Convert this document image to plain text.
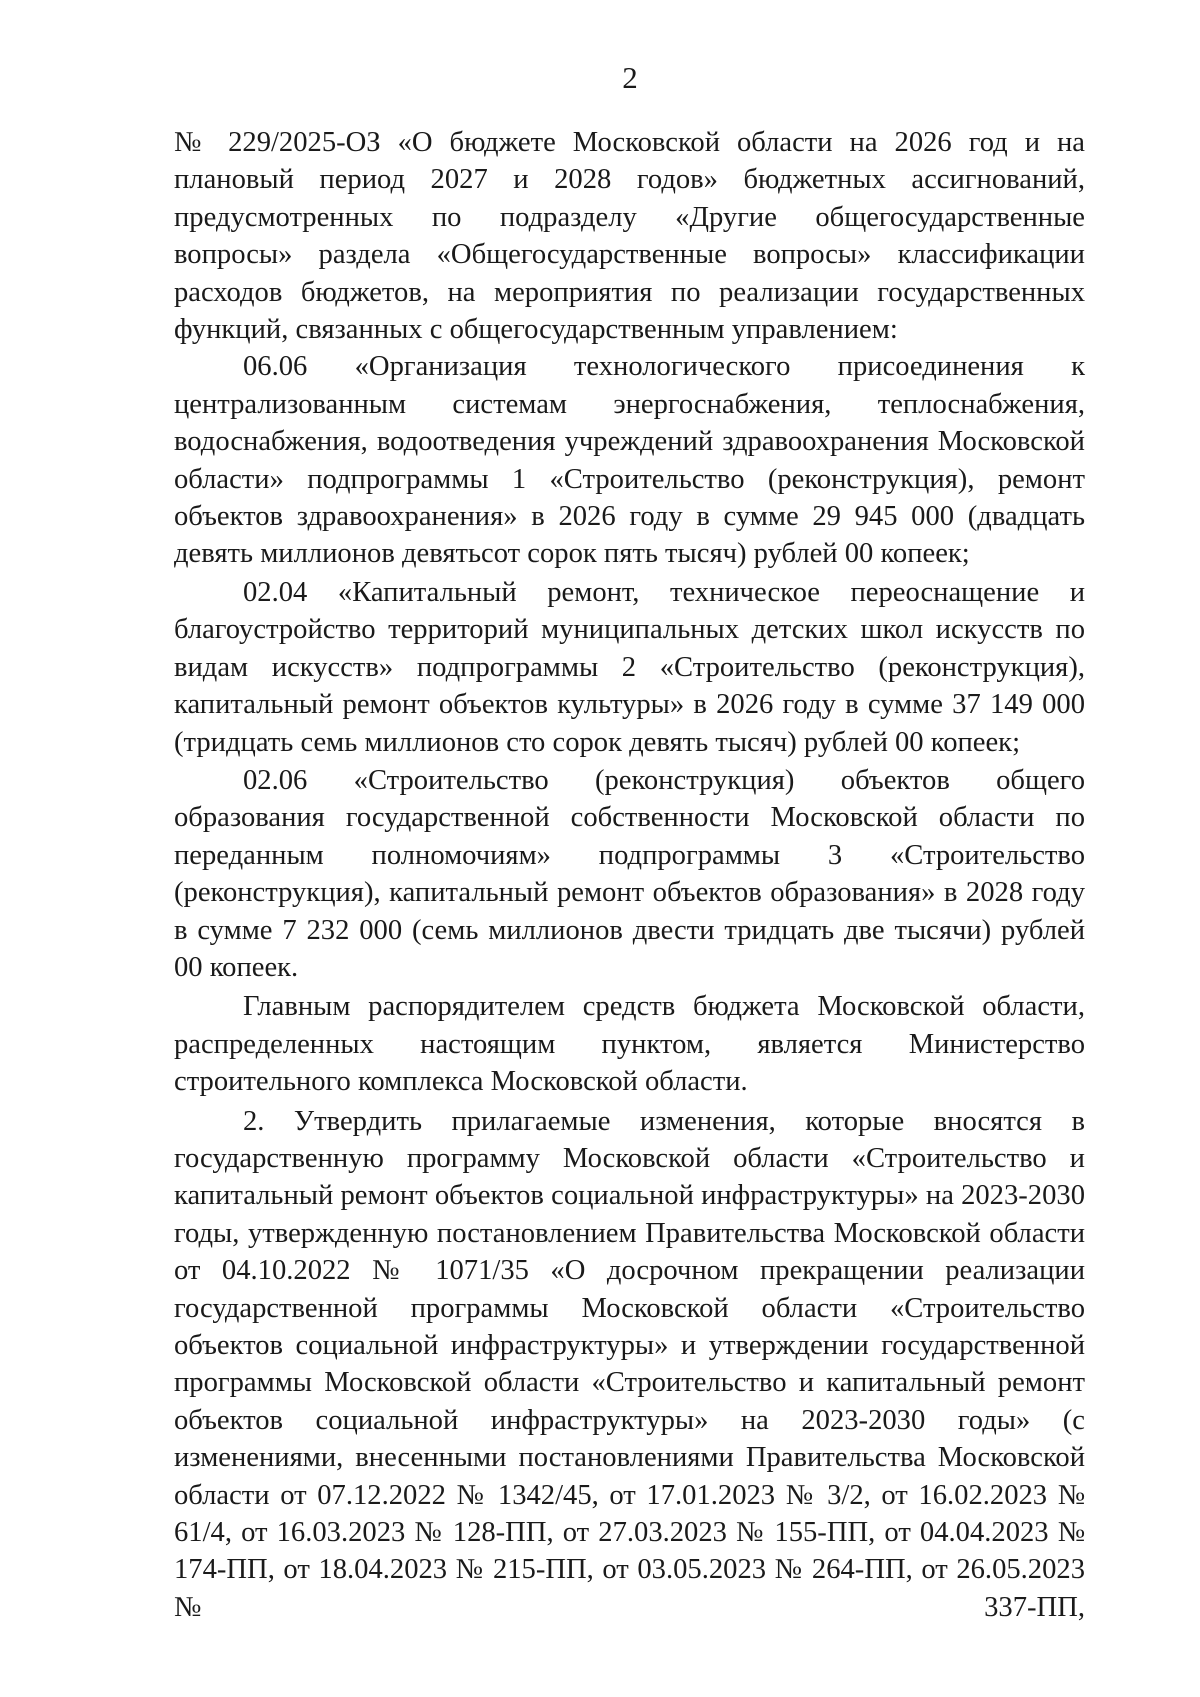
2

№ 229/2025-ОЗ «О бюджете Московской области на 2026 год и на плановый период 2027 и 2028 годов» бюджетных ассигнований, предусмотренных по подразделу «Другие общегосударственные вопросы» раздела «Общегосударственные вопросы» классификации расходов бюджетов, на мероприятия по реализации государственных функций, связанных с общегосударственным управлением:

06.06 «Организация технологического присоединения к централизованным системам энергоснабжения, теплоснабжения, водоснабжения, водоотведения учреждений здравоохранения Московской области» подпрограммы 1 «Строительство (реконструкция), ремонт объектов здравоохранения» в 2026 году в сумме 29 945 000 (двадцать девять миллионов девятьсот сорок пять тысяч) рублей 00 копеек;

02.04 «Капитальный ремонт, техническое переоснащение и благоустройство территорий муниципальных детских школ искусств по видам искусств» подпрограммы 2 «Строительство (реконструкция), капитальный ремонт объектов культуры» в 2026 году в сумме 37 149 000 (тридцать семь миллионов сто сорок девять тысяч) рублей 00 копеек;

02.06 «Строительство (реконструкция) объектов общего образования государственной собственности Московской области по переданным полномочиям» подпрограммы 3 «Строительство (реконструкция), капитальный ремонт объектов образования» в 2028 году в сумме 7 232 000 (семь миллионов двести тридцать две тысячи) рублей 00 копеек.

Главным распорядителем средств бюджета Московской области, распределенных настоящим пунктом, является Министерство строительного комплекса Московской области.

2. Утвердить прилагаемые изменения, которые вносятся в государственную программу Московской области «Строительство и капитальный ремонт объектов социальной инфраструктуры» на 2023-2030 годы, утвержденную постановлением Правительства Московской области от 04.10.2022 № 1071/35 «О досрочном прекращении реализации государственной программы Московской области «Строительство объектов социальной инфраструктуры» и утверждении государственной программы Московской области «Строительство и капитальный ремонт объектов социальной инфраструктуры» на 2023-2030 годы» (с изменениями, внесенными постановлениями Правительства Московской области от 07.12.2022 № 1342/45, от 17.01.2023 № 3/2, от 16.02.2023 № 61/4, от 16.03.2023 № 128-ПП, от 27.03.2023 № 155-ПП, от 04.04.2023 № 174-ПП, от 18.04.2023 № 215-ПП, от 03.05.2023 № 264-ПП, от 26.05.2023 № 337-ПП,
